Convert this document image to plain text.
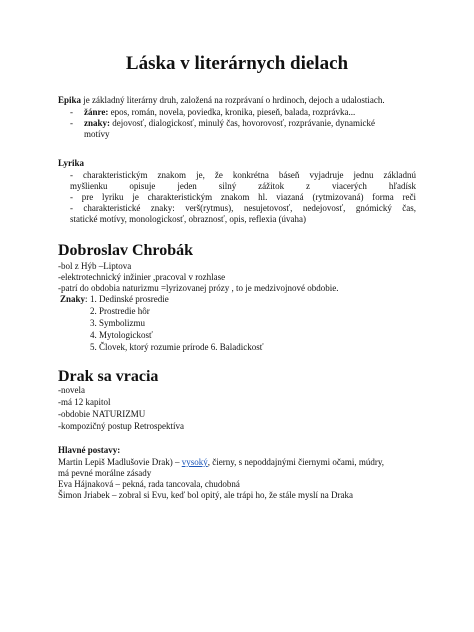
Láska v literárnych dielach
Epika je základný literárny druh, založená na rozprávaní o hrdinoch, dejoch a udalostiach.
- žánre: epos, román, novela, poviedka, kronika, pieseň, balada, rozprávka...
- znaky: dejovosť, dialogickosť, minulý čas, hovorovosť, rozprávanie, dynamické
motívy
Lyrika
- charakteristickým znakom je, že konkrétna báseň vyjadruje jednu základnú
myšlienku opisuje jeden silný zážitok z viacerých hľadísk
- pre lyriku je charakteristickým znakom hl. viazaná (rytmizovaná) forma reči
- charakteristické znaky: verš(rytmus), nesujetovosť, nedejovosť, gnómický čas,
statické motívy, monologickosť, obraznosť, opis, reflexia (úvaha)
Dobroslav Chrobák
-bol z Hýb –Liptova
-elektrotechnický inžinier ,pracoval v rozhlase
-patrí do obdobia naturizmu =lyrizovanej prózy , to je medzivojnové obdobie.
Znaky: 1. Dedinské prosredie
2. Prostredie hôr
3. Symbolizmu
4. Mytologickosť
5. Človek, ktorý rozumie prírode 6. Baladickosť
Drak sa vracia
-novela
-má 12 kapitol
-obdobie NATURIZMU
-kompozičný postup Retrospektíva
Hlavné postavy:
Martin Lepiš Madlušovie Drak) – vysoký, čierny, s nepoddajnými čiernymi očami, múdry,
má pevné morálne zásady
Eva Hájnaková – pekná, rada tancovala, chudobná
Šimon Jriabek – zobral si Evu, keď bol opitý, ale trápi ho, že stále myslí na Draka
